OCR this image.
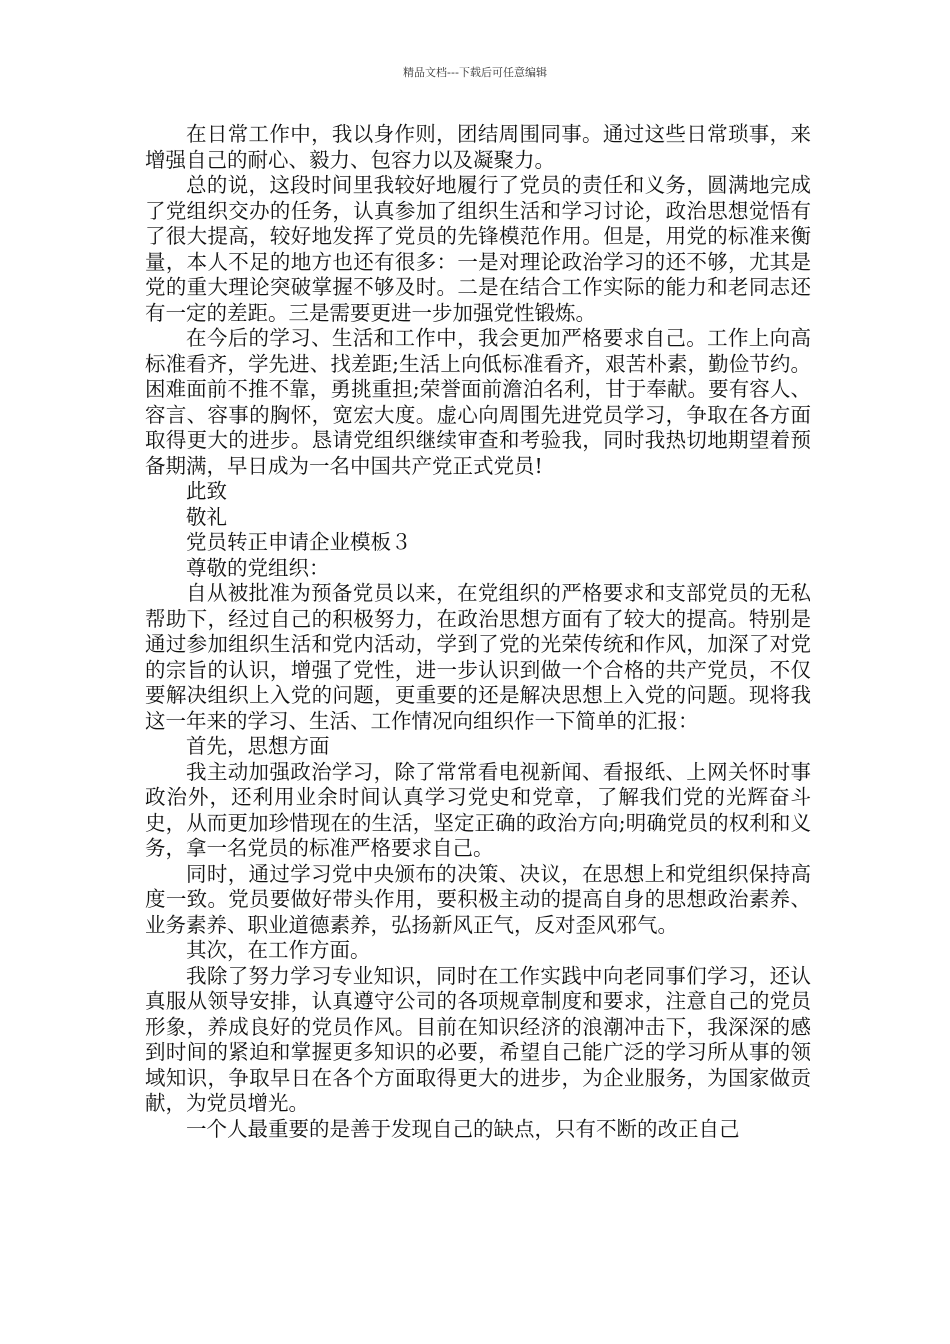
精品文档---下载后可任意编辑

在日常工作中，我以身作则，团结周围同事。通过这些日常琐事，来增强自己的耐心、毅力、包容力以及凝聚力。

总的说，这段时间里我较好地履行了党员的责任和义务，圆满地完成了党组织交办的任务，认真参加了组织生活和学习讨论，政治思想觉悟有了很大提高，较好地发挥了党员的先锋模范作用。但是，用党的标准来衡量，本人不足的地方也还有很多：一是对理论政治学习的还不够，尤其是党的重大理论突破掌握不够及时。二是在结合工作实际的能力和老同志还有一定的差距。三是需要更进一步加强党性锻炼。

在今后的学习、生活和工作中，我会更加严格要求自己。工作上向高标准看齐，学先进、找差距;生活上向低标准看齐，艰苦朴素，勤俭节约。困难面前不推不靠，勇挑重担;荣誉面前澹泊名利，甘于奉献。要有容人、容言、容事的胸怀，宽宏大度。虚心向周围先进党员学习，争取在各方面取得更大的进步。恳请党组织继续审查和考验我，同时我热切地期望着预备期满，早日成为一名中国共产党正式党员!

此致

敬礼

党员转正申请企业模板３

尊敬的党组织：

自从被批准为预备党员以来，在党组织的严格要求和支部党员的无私帮助下，经过自己的积极努力，在政治思想方面有了较大的提高。特别是通过参加组织生活和党内活动，学到了党的光荣传统和作风，加深了对党的宗旨的认识，增强了党性，进一步认识到做一个合格的共产党员，不仅要解决组织上入党的问题，更重要的还是解决思想上入党的问题。现将我这一年来的学习、生活、工作情况向组织作一下简单的汇报：

首先，思想方面

我主动加强政治学习，除了常常看电视新闻、看报纸、上网关怀时事政治外，还利用业余时间认真学习党史和党章，了解我们党的光辉奋斗史，从而更加珍惜现在的生活，坚定正确的政治方向;明确党员的权利和义务，拿一名党员的标准严格要求自己。

同时，通过学习党中央颁布的决策、决议，在思想上和党组织保持高度一致。党员要做好带头作用，要积极主动的提高自身的思想政治素养、业务素养、职业道德素养，弘扬新风正气，反对歪风邪气。

其次，在工作方面。

我除了努力学习专业知识，同时在工作实践中向老同事们学习，还认真服从领导安排，认真遵守公司的各项规章制度和要求，注意自己的党员形象，养成良好的党员作风。目前在知识经济的浪潮冲击下，我深深的感到时间的紧迫和掌握更多知识的必要，希望自己能广泛的学习所从事的领域知识，争取早日在各个方面取得更大的进步，为企业服务，为国家做贡献，为党员增光。

一个人最重要的是善于发现自己的缺点，只有不断的改正自己
